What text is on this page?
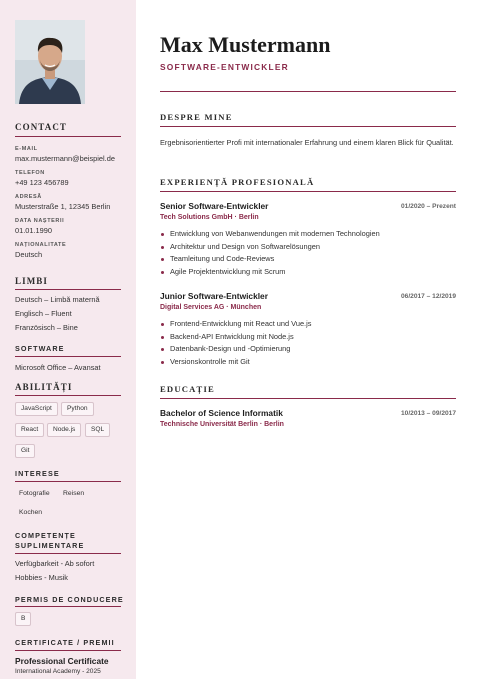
CONTACT
E-MAIL
max.mustermann@beispiel.de
TELEFON
+49 123 456789
ADRESĂ
Musterstraße 1, 12345 Berlin
DATA NAȘTERII
01.01.1990
NAȚIONALITATE
Deutsch
LIMBI
Deutsch – Limbă maternă
Englisch – Fluent
Französisch – Bine
SOFTWARE
Microsoft Office – Avansat
ABILITĂȚI
JavaScript	Python
React	Node.js	SQL
Git
INTERESE
Fotografie Reisen
Kochen
COMPETENȚE
SUPLIMENTARE
Verfügbarkeit - Ab sofort
Hobbies - Musik
PERMIS DE CONDUCERE
B
CERTIFICATE / PREMII
Professional Certificate
International Academy - 2025
Max Mustermann
SOFTWARE-ENTWICKLER
DESPRE MINE
Ergebnisorientierter Profi mit internationaler Erfahrung und einem klaren Blick für Qualität.
EXPERIENȚĂ PROFESIONALĂ
Senior Software-Entwickler	01/2020 – Prezent
Tech Solutions GmbH · Berlin
Entwicklung von Webanwendungen mit modernen Technologien
Architektur und Design von Softwarelösungen
Teamleitung und Code-Reviews
Agile Projektentwicklung mit Scrum
Junior Software-Entwickler	06/2017 – 12/2019
Digital Services AG · München
Frontend-Entwicklung mit React und Vue.js
Backend-API Entwicklung mit Node.js
Datenbank-Design und -Optimierung
Versionskontrolle mit Git
EDUCAȚIE
Bachelor of Science Informatik	10/2013 – 09/2017
Technische Universität Berlin · Berlin
